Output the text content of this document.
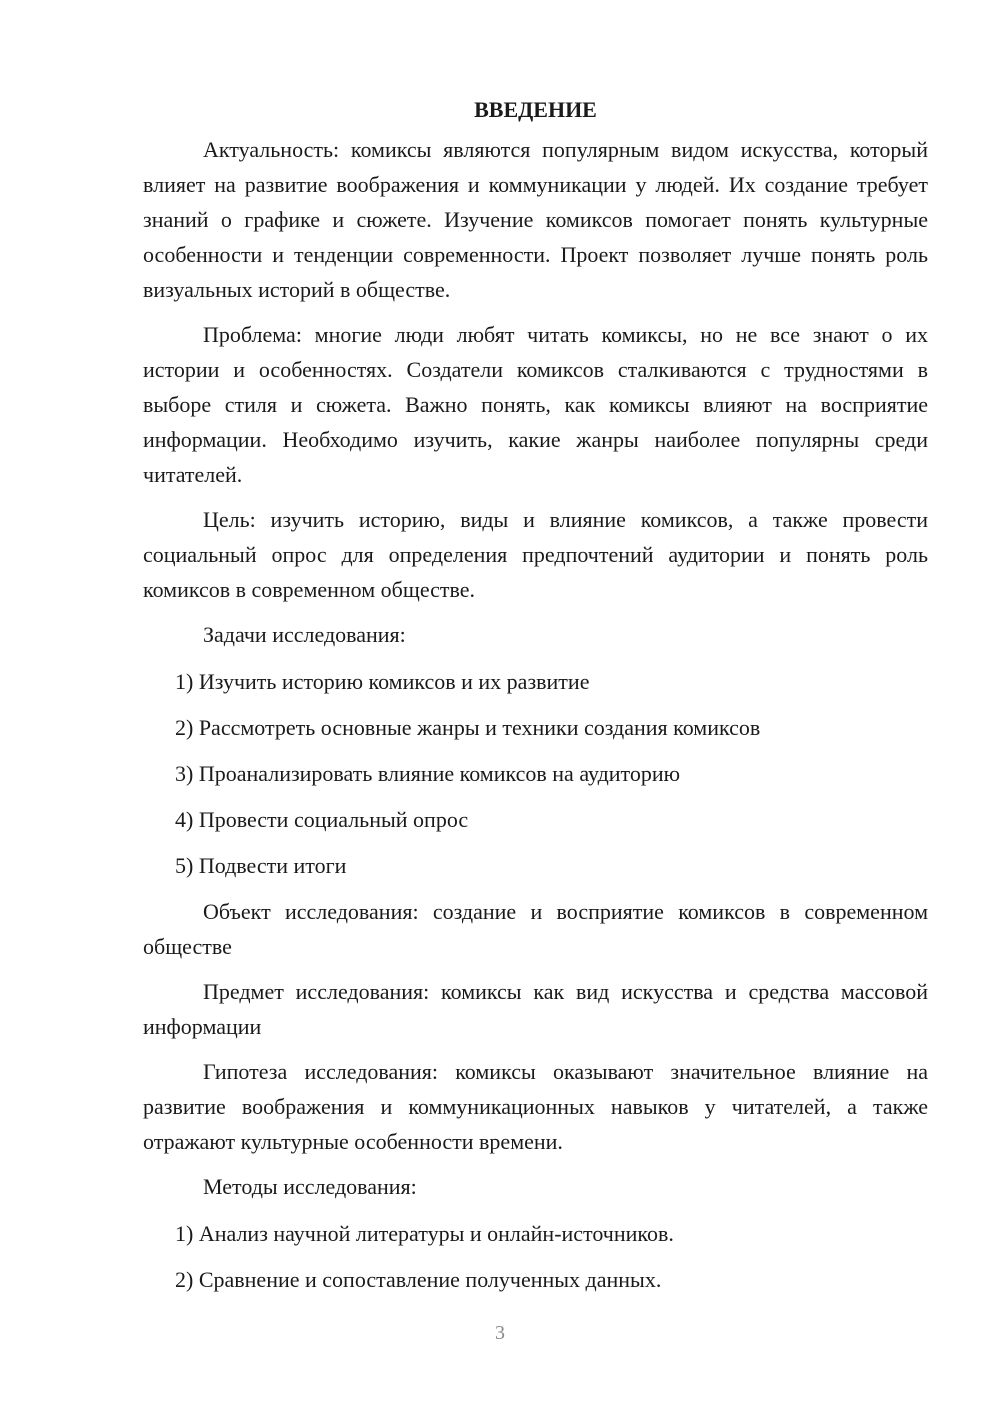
ВВЕДЕНИЕ

Актуальность: комиксы являются популярным видом искусства, который влияет на развитие воображения и коммуникации у людей. Их создание требует знаний о графике и сюжете. Изучение комиксов помогает понять культурные особенности и тенденции современности. Проект позволяет лучше понять роль визуальных историй в обществе.

Проблема: многие люди любят читать комиксы, но не все знают о их истории и особенностях. Создатели комиксов сталкиваются с трудностями в выборе стиля и сюжета. Важно понять, как комиксы влияют на восприятие информации. Необходимо изучить, какие жанры наиболее популярны среди читателей.

Цель: изучить историю, виды и влияние комиксов, а также провести социальный опрос для определения предпочтений аудитории и понять роль комиксов в современном обществе.

Задачи исследования:

1) Изучить историю комиксов и их развитие
2) Рассмотреть основные жанры и техники создания комиксов
3) Проанализировать влияние комиксов на аудиторию
4) Провести социальный опрос
5) Подвести итоги

Объект исследования: создание и восприятие комиксов в современном обществе

Предмет исследования: комиксы как вид искусства и средства массовой информации

Гипотеза исследования: комиксы оказывают значительное влияние на развитие воображения и коммуникационных навыков у читателей, а также отражают культурные особенности времени.

Методы исследования:

1) Анализ научной литературы и онлайн-источников.
2) Сравнение и сопоставление полученных данных.
3
